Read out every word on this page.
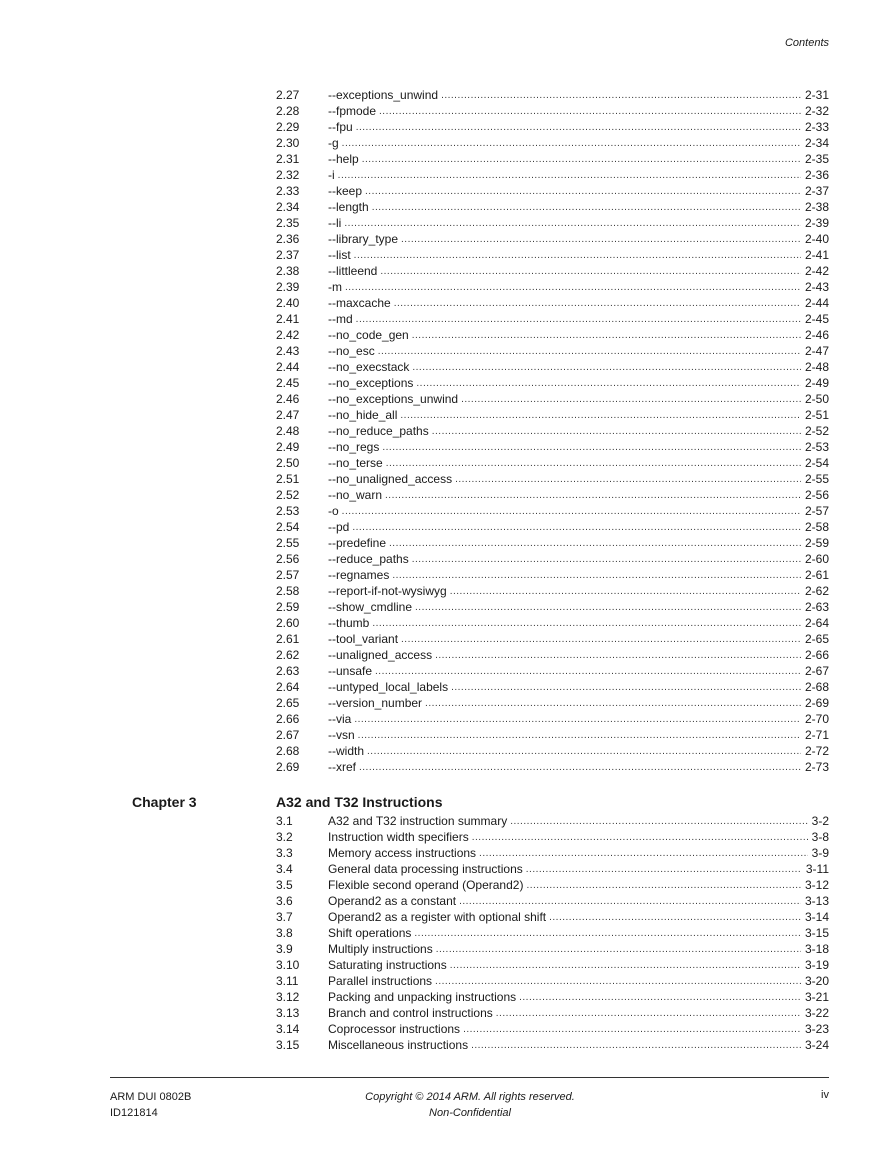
Contents
2.27	--exceptions_unwind .....	2-31
2.28	--fpmode .....	2-32
2.29	--fpu .....	2-33
2.30	-g .....	2-34
2.31	--help .....	2-35
2.32	-i .....	2-36
2.33	--keep .....	2-37
2.34	--length .....	2-38
2.35	--li .....	2-39
2.36	--library_type .....	2-40
2.37	--list .....	2-41
2.38	--littleend .....	2-42
2.39	-m .....	2-43
2.40	--maxcache .....	2-44
2.41	--md .....	2-45
2.42	--no_code_gen .....	2-46
2.43	--no_esc .....	2-47
2.44	--no_execstack .....	2-48
2.45	--no_exceptions .....	2-49
2.46	--no_exceptions_unwind .....	2-50
2.47	--no_hide_all .....	2-51
2.48	--no_reduce_paths .....	2-52
2.49	--no_regs .....	2-53
2.50	--no_terse .....	2-54
2.51	--no_unaligned_access .....	2-55
2.52	--no_warn .....	2-56
2.53	-o .....	2-57
2.54	--pd .....	2-58
2.55	--predefine .....	2-59
2.56	--reduce_paths .....	2-60
2.57	--regnames .....	2-61
2.58	--report-if-not-wysiwyg .....	2-62
2.59	--show_cmdline .....	2-63
2.60	--thumb .....	2-64
2.61	--tool_variant .....	2-65
2.62	--unaligned_access .....	2-66
2.63	--unsafe .....	2-67
2.64	--untyped_local_labels .....	2-68
2.65	--version_number .....	2-69
2.66	--via .....	2-70
2.67	--vsn .....	2-71
2.68	--width .....	2-72
2.69	--xref .....	2-73
Chapter 3	A32 and T32 Instructions
3.1	A32 and T32 instruction summary .....	3-2
3.2	Instruction width specifiers .....	3-8
3.3	Memory access instructions .....	3-9
3.4	General data processing instructions .....	3-11
3.5	Flexible second operand (Operand2) .....	3-12
3.6	Operand2 as a constant .....	3-13
3.7	Operand2 as a register with optional shift .....	3-14
3.8	Shift operations .....	3-15
3.9	Multiply instructions .....	3-18
3.10	Saturating instructions .....	3-19
3.11	Parallel instructions .....	3-20
3.12	Packing and unpacking instructions .....	3-21
3.13	Branch and control instructions .....	3-22
3.14	Coprocessor instructions .....	3-23
3.15	Miscellaneous instructions .....	3-24
ARM DUI 0802B
ID121814
Copyright © 2014 ARM. All rights reserved.
Non-Confidential
iv
